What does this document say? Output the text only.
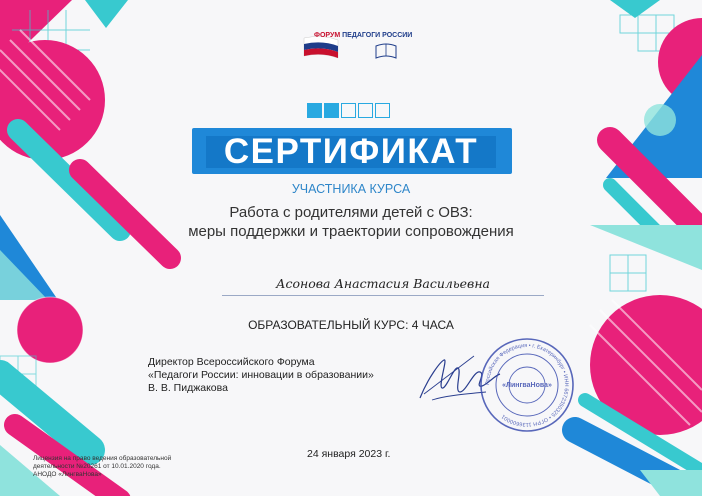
ФОРУМ ПЕДАГОГИ РОССИИ
СЕРТИФИКАТ
УЧАСТНИКА КУРСА
Работа с родителями детей с ОВЗ:
меры поддержки и траектории сопровождения
Асонова Анастасия Васильевна
ОБРАЗОВАТЕЛЬНЫЙ КУРС: 4 ЧАСА
Директор Всероссийского Форума
«Педагоги России: инновации в образовании»
В. В. Пиджакова	Российская Федерация • г. Екатеринбург • ИНН 6672350325 • ОГРН 1136600001
«ЛингваНова»
24 января 2023 г.
Лицензия на право ведения образовательной
деятельности №20261 от 10.01.2020 года.
АНОДО «ЛингваНова»
